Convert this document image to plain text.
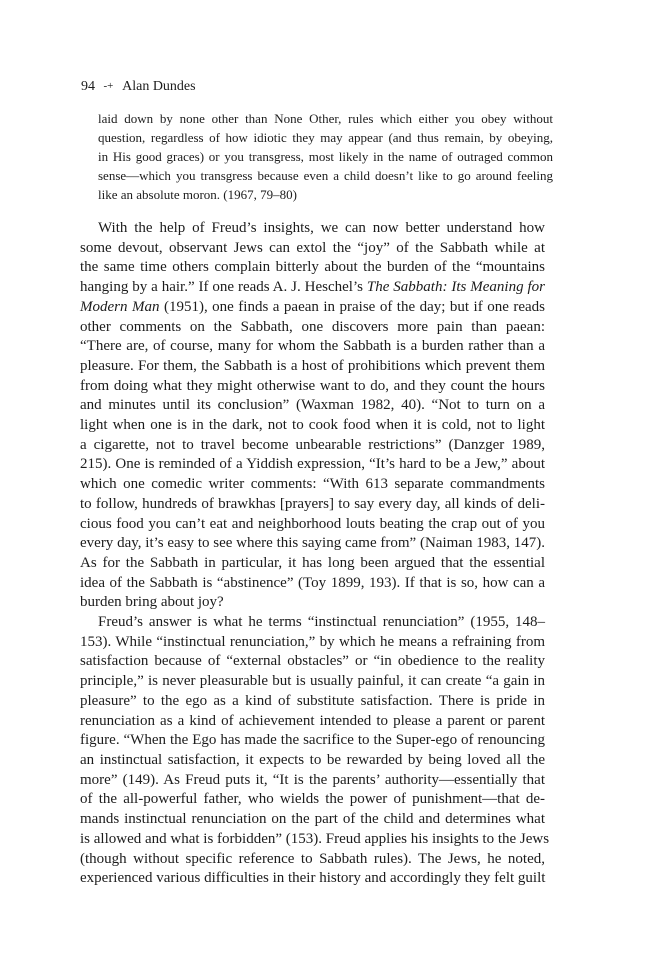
94 -+ Alan Dundes
laid down by none other than None Other, rules which either you obey without
question, regardless of how idiotic they may appear (and thus remain, by obeying,
in His good graces) or you transgress, most likely in the name of outraged common
sense—which you transgress because even a child doesn’t like to go around feeling
like an absolute moron. (1967, 79–80)
With the help of Freud’s insights, we can now better understand how
some devout, observant Jews can extol the “joy” of the Sabbath while at
the same time others complain bitterly about the burden of the “mountains
hanging by a hair.” If one reads A. J. Heschel’s The Sabbath: Its Meaning for
Modern Man (1951), one finds a paean in praise of the day; but if one reads
other comments on the Sabbath, one discovers more pain than paean:
“There are, of course, many for whom the Sabbath is a burden rather than a
pleasure. For them, the Sabbath is a host of prohibitions which prevent them
from doing what they might otherwise want to do, and they count the hours
and minutes until its conclusion” (Waxman 1982, 40). “Not to turn on a
light when one is in the dark, not to cook food when it is cold, not to light
a cigarette, not to travel become unbearable restrictions” (Danzger 1989,
215). One is reminded of a Yiddish expression, “It’s hard to be a Jew,” about
which one comedic writer comments: “With 613 separate commandments
to follow, hundreds of brawkhas [prayers] to say every day, all kinds of deli-
cious food you can’t eat and neighborhood louts beating the crap out of you
every day, it’s easy to see where this saying came from” (Naiman 1983, 147).
As for the Sabbath in particular, it has long been argued that the essential
idea of the Sabbath is “abstinence” (Toy 1899, 193). If that is so, how can a
burden bring about joy?
Freud’s answer is what he terms “instinctual renunciation” (1955, 148–
153). While “instinctual renunciation,” by which he means a refraining from
satisfaction because of “external obstacles” or “in obedience to the reality
principle,” is never pleasurable but is usually painful, it can create “a gain in
pleasure” to the ego as a kind of substitute satisfaction. There is pride in
renunciation as a kind of achievement intended to please a parent or parent
figure. “When the Ego has made the sacrifice to the Super-ego of renouncing
an instinctual satisfaction, it expects to be rewarded by being loved all the
more” (149). As Freud puts it, “It is the parents’ authority—essentially that
of the all-powerful father, who wields the power of punishment—that de-
mands instinctual renunciation on the part of the child and determines what
is allowed and what is forbidden” (153). Freud applies his insights to the Jews
(though without specific reference to Sabbath rules). The Jews, he noted,
experienced various difficulties in their history and accordingly they felt guilt
